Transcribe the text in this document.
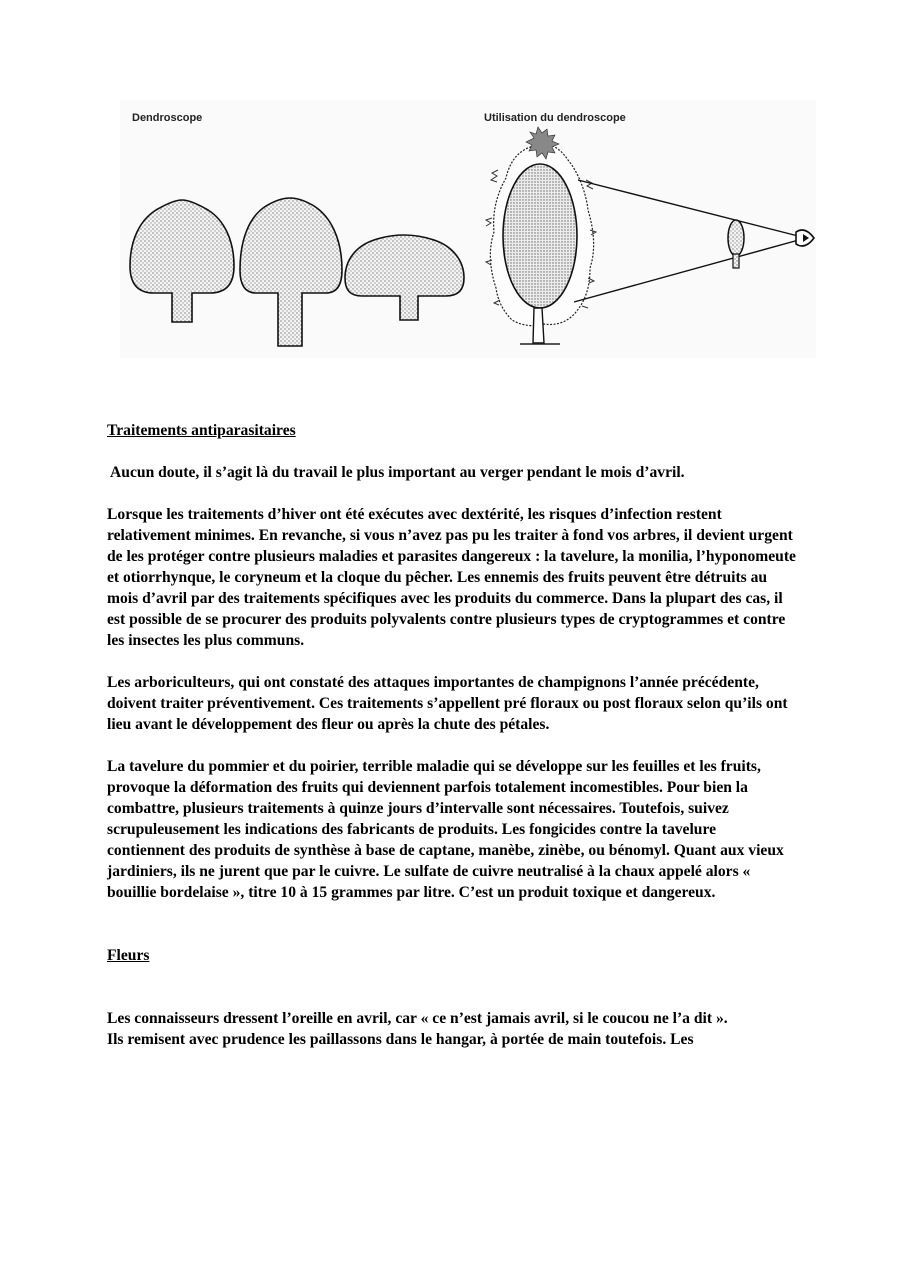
Dendroscope	Utilisation du dendroscope
Traitements antiparasitaires

Aucun doute, il s’agit là du travail le plus important au verger pendant le mois d’avril.

Lorsque les traitements d’hiver ont été exécutes avec dextérité, les risques d’infection restent relativement minimes. En revanche, si vous n’avez pas pu les traiter à fond vos arbres, il devient urgent de les protéger contre plusieurs maladies et parasites dangereux : la tavelure, la monilia, l’hyponomeute et otiorrhynque, le coryneum et la cloque du pêcher. Les ennemis des fruits peuvent être détruits au mois d’avril par des traitements spécifiques avec les produits du commerce. Dans la plupart des cas, il est possible de se procurer des produits polyvalents contre plusieurs types de cryptogrammes et contre les insectes les plus communs.

Les arboriculteurs, qui ont constaté des attaques importantes de champignons l’année précédente, doivent traiter préventivement. Ces traitements s’appellent pré floraux ou post floraux selon qu’ils ont lieu avant le développement des fleur ou après la chute des pétales.

La tavelure du pommier et du poirier, terrible maladie qui se développe sur les feuilles et les fruits, provoque la déformation des fruits qui deviennent parfois totalement incomestibles. Pour bien la combattre, plusieurs traitements à quinze jours d’intervalle sont nécessaires. Toutefois, suivez scrupuleusement les indications des fabricants de produits. Les fongicides contre la tavelure contiennent des produits de synthèse à base de captane, manèbe, zinèbe, ou bénomyl. Quant aux vieux jardiniers, ils ne jurent que par le cuivre. Le sulfate de cuivre neutralisé à la chaux appelé alors « bouillie bordelaise », titre 10 à 15 grammes par litre. C’est un produit toxique et dangereux.

Fleurs

Les connaisseurs dressent l’oreille en avril, car « ce n’est jamais avril, si le coucou ne l’a dit ».

Ils remisent avec prudence les paillassons dans le hangar, à portée de main toutefois. Les
